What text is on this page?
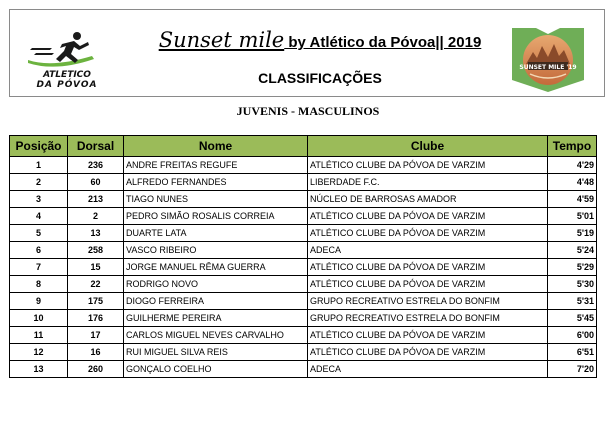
ATLETICO
DA PÓVOA
Sunset mile by Atlético da Póvoa|| 2019
CLASSIFICAÇÕES
SUNSET MILE '19
JUVENIS - MASCULINOS
Posição	Dorsal	Nome	Clube	Tempo
1	236	ANDRE FREITAS REGUFE	ATLÉTICO CLUBE DA PÓVOA DE VARZIM	4'29
2	60	ALFREDO FERNANDES	LIBERDADE F.C.	4'48
3	213	TIAGO NUNES	NÚCLEO DE BARROSAS AMADOR	4'59
4	2	PEDRO SIMÃO ROSALIS CORREIA	ATLÉTICO CLUBE DA PÓVOA DE VARZIM	5'01
5	13	DUARTE LATA	ATLÉTICO CLUBE DA PÓVOA DE VARZIM	5'19
6	258	VASCO RIBEIRO	ADECA	5'24
7	15	JORGE MANUEL RÊMA GUERRA	ATLÉTICO CLUBE DA PÓVOA DE VARZIM	5'29
8	22	RODRIGO NOVO	ATLÉTICO CLUBE DA PÓVOA DE VARZIM	5'30
9	175	DIOGO FERREIRA	GRUPO RECREATIVO ESTRELA DO BONFIM	5'31
10	176	GUILHERME PEREIRA	GRUPO RECREATIVO ESTRELA DO BONFIM	5'45
11	17	CARLOS MIGUEL NEVES CARVALHO	ATLÉTICO CLUBE DA PÓVOA DE VARZIM	6'00
12	16	RUI MIGUEL SILVA REIS	ATLÉTICO CLUBE DA PÓVOA DE VARZIM	6'51
13	260	GONÇALO COELHO	ADECA	7'20
